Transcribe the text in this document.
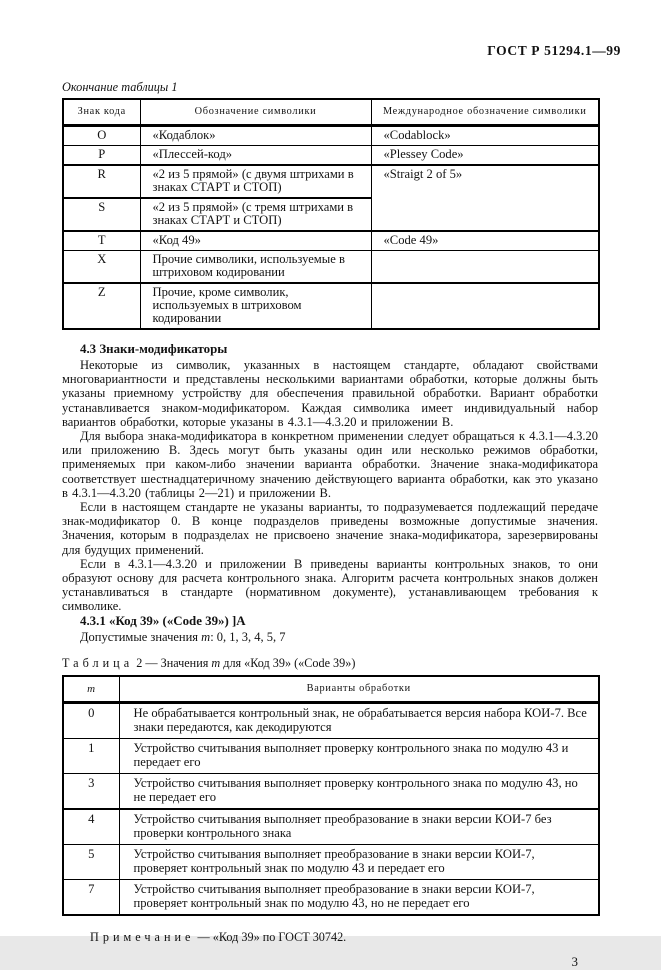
ГОСТ Р 51294.1—99
Окончание таблицы 1
Знак кода	Обозначение символики	Международное обозначение символики
O	«Кодаблок»	«Codablock»
P	«Плессей-код»	«Plessey Code»
R	«2 из 5 прямой» (с двумя штрихами в знаках СТАРТ и СТОП)	«Straigt 2 of 5»
S	«2 из 5 прямой» (с тремя штрихами в знаках СТАРТ и СТОП)	
T	«Код 49»	«Code 49»
X	Прочие символики, используемые в штриховом кодировании	
Z	Прочие, кроме символик, используемых в штриховом кодировании	
4.3 Знаки-модификаторы

Некоторые из символик, указанных в настоящем стандарте, обладают свойствами многовариантности и представлены несколькими вариантами обработки, которые должны быть указаны приемному устройству для обеспечения правильной обработки. Вариант обработки устанавливается знаком-модификатором. Каждая символика имеет индивидуальный набор вариантов обработки, которые указаны в 4.3.1—4.3.20 и приложении В.

Для выбора знака-модификатора в конкретном применении следует обращаться к 4.3.1—4.3.20 или приложению В. Здесь могут быть указаны один или несколько режимов обработки, применяемых при каком-либо значении варианта обработки. Значение знака-модификатора соответствует шестнадцатеричному значению действующего варианта обработки, как это указано в 4.3.1—4.3.20 (таблицы 2—21) и приложении В.

Если в настоящем стандарте не указаны варианты, то подразумевается подлежащий передаче знак-модификатор 0. В конце подразделов приведены возможные допустимые значения. Значения, которым в подразделах не присвоено значение знака-модификатора, зарезервированы для будущих применений.

Если в 4.3.1—4.3.20 и приложении В приведены варианты контрольных знаков, то они образуют основу для расчета контрольного знака. Алгоритм расчета контрольных знаков должен устанавливаться в стандарте (нормативном документе), устанавливающем требования к символике.

4.3.1 «Код 39» («Code 39») ]A

Допустимые значения m: 0, 1, 3, 4, 5, 7

Таблица 2 — Значения m для «Код 39» («Code 39»)
m	Варианты обработки
0	Не обрабатывается контрольный знак, не обрабатывается версия набора КОИ-7. Все знаки передаются, как декодируются
1	Устройство считывания выполняет проверку контрольного знака по модулю 43 и передает его
3	Устройство считывания выполняет проверку контрольного знака по модулю 43, но не передает его
4	Устройство считывания выполняет преобразование в знаки версии КОИ-7 без проверки контрольного знака
5	Устройство считывания выполняет преобразование в знаки версии КОИ-7, проверяет контрольный знак по модулю 43 и передает его
7	Устройство считывания выполняет преобразование в знаки версии КОИ-7, проверяет контрольный знак по модулю 43, но не передает его
Примечание — «Код 39» по ГОСТ 30742.
3
